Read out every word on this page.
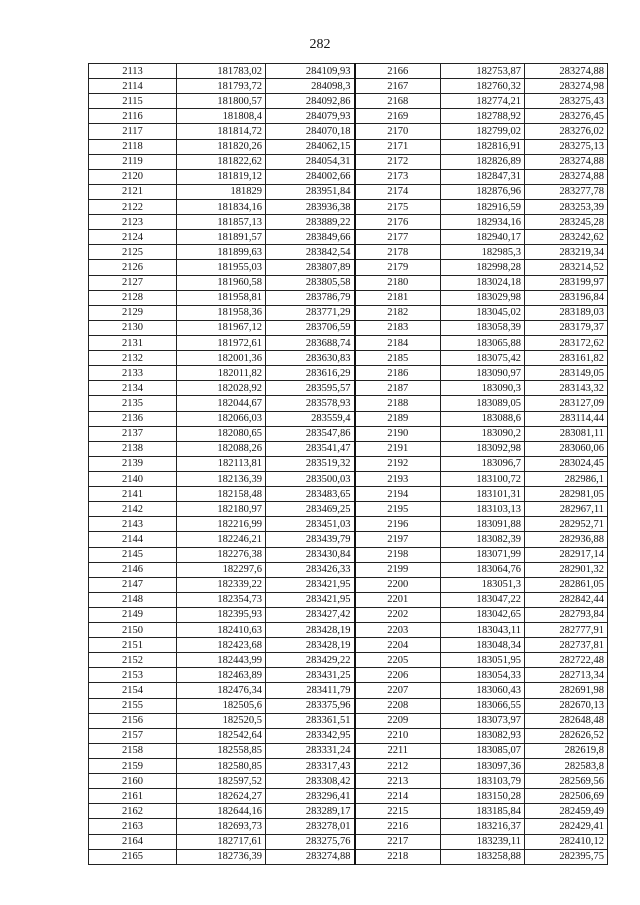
282
2113	181783,02	284109,93	2166	182753,87	283274,88
2114	181793,72	284098,3	2167	182760,32	283274,98
2115	181800,57	284092,86	2168	182774,21	283275,43
2116	181808,4	284079,93	2169	182788,92	283276,45
2117	181814,72	284070,18	2170	182799,02	283276,02
2118	181820,26	284062,15	2171	182816,91	283275,13
2119	181822,62	284054,31	2172	182826,89	283274,88
2120	181819,12	284002,66	2173	182847,31	283274,88
2121	181829	283951,84	2174	182876,96	283277,78
2122	181834,16	283936,38	2175	182916,59	283253,39
2123	181857,13	283889,22	2176	182934,16	283245,28
2124	181891,57	283849,66	2177	182940,17	283242,62
2125	181899,63	283842,54	2178	182985,3	283219,34
2126	181955,03	283807,89	2179	182998,28	283214,52
2127	181960,58	283805,58	2180	183024,18	283199,97
2128	181958,81	283786,79	2181	183029,98	283196,84
2129	181958,36	283771,29	2182	183045,02	283189,03
2130	181967,12	283706,59	2183	183058,39	283179,37
2131	181972,61	283688,74	2184	183065,88	283172,62
2132	182001,36	283630,83	2185	183075,42	283161,82
2133	182011,82	283616,29	2186	183090,97	283149,05
2134	182028,92	283595,57	2187	183090,3	283143,32
2135	182044,67	283578,93	2188	183089,05	283127,09
2136	182066,03	283559,4	2189	183088,6	283114,44
2137	182080,65	283547,86	2190	183090,2	283081,11
2138	182088,26	283541,47	2191	183092,98	283060,06
2139	182113,81	283519,32	2192	183096,7	283024,45
2140	182136,39	283500,03	2193	183100,72	282986,1
2141	182158,48	283483,65	2194	183101,31	282981,05
2142	182180,97	283469,25	2195	183103,13	282967,11
2143	182216,99	283451,03	2196	183091,88	282952,71
2144	182246,21	283439,79	2197	183082,39	282936,88
2145	182276,38	283430,84	2198	183071,99	282917,14
2146	182297,6	283426,33	2199	183064,76	282901,32
2147	182339,22	283421,95	2200	183051,3	282861,05
2148	182354,73	283421,95	2201	183047,22	282842,44
2149	182395,93	283427,42	2202	183042,65	282793,84
2150	182410,63	283428,19	2203	183043,11	282777,91
2151	182423,68	283428,19	2204	183048,34	282737,81
2152	182443,99	283429,22	2205	183051,95	282722,48
2153	182463,89	283431,25	2206	183054,33	282713,34
2154	182476,34	283411,79	2207	183060,43	282691,98
2155	182505,6	283375,96	2208	183066,55	282670,13
2156	182520,5	283361,51	2209	183073,97	282648,48
2157	182542,64	283342,95	2210	183082,93	282626,52
2158	182558,85	283331,24	2211	183085,07	282619,8
2159	182580,85	283317,43	2212	183097,36	282583,8
2160	182597,52	283308,42	2213	183103,79	282569,56
2161	182624,27	283296,41	2214	183150,28	282506,69
2162	182644,16	283289,17	2215	183185,84	282459,49
2163	182693,73	283278,01	2216	183216,37	282429,41
2164	182717,61	283275,76	2217	183239,11	282410,12
2165	182736,39	283274,88	2218	183258,88	282395,75
